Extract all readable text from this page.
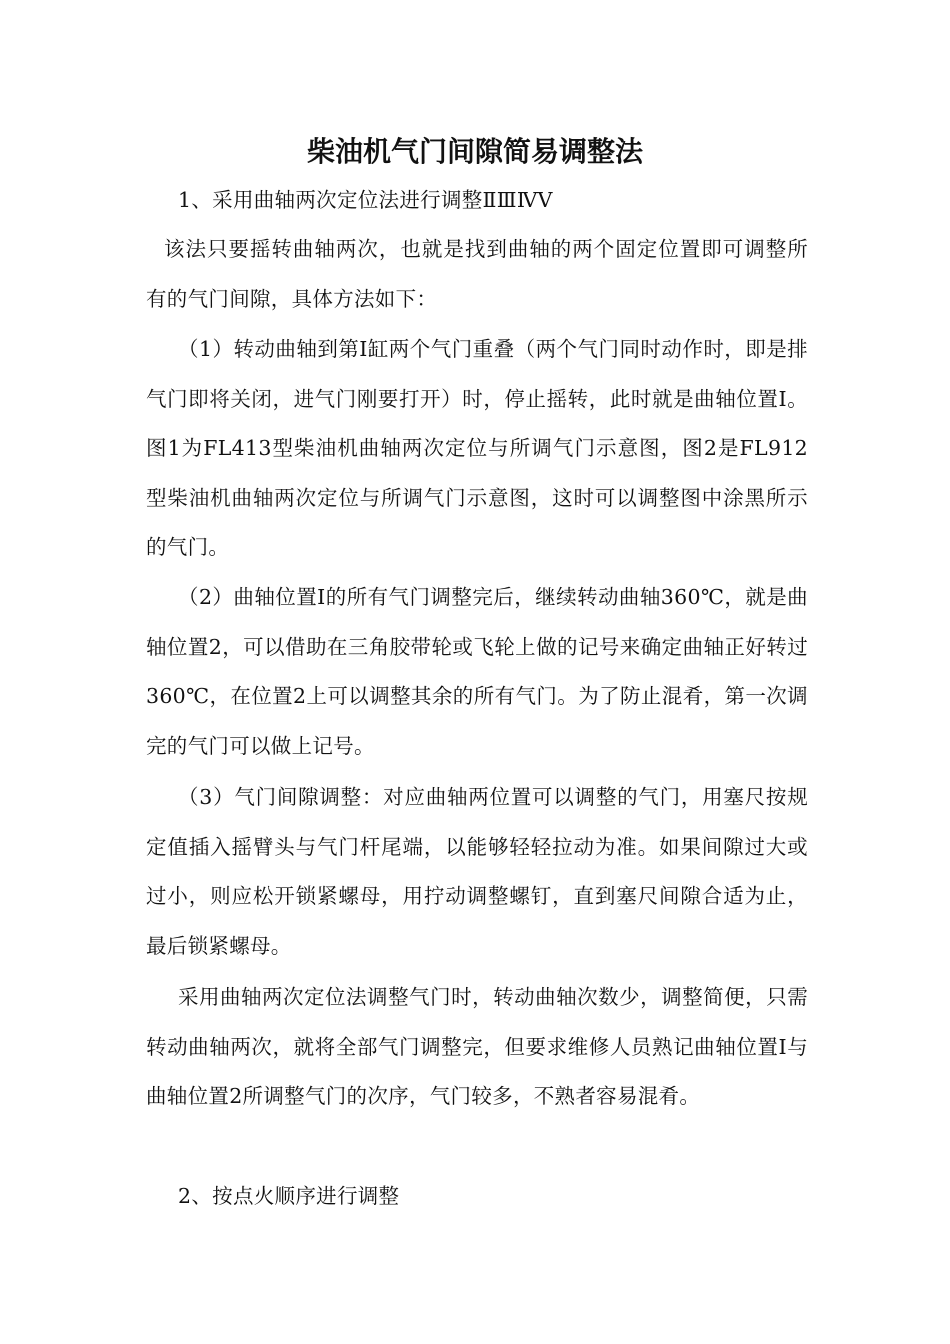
柴油机气门间隙简易调整法

1、采用曲轴两次定位法进行调整ⅡⅢⅣⅤ

该法只要摇转曲轴两次，也就是找到曲轴的两个固定位置即可调整所有的气门间隙，具体方法如下：

（1）转动曲轴到第Ⅰ缸两个气门重叠（两个气门同时动作时，即是排气门即将关闭，进气门刚要打开）时，停止摇转，此时就是曲轴位置Ⅰ。图1为FL413型柴油机曲轴两次定位与所调气门示意图，图2是FL912型柴油机曲轴两次定位与所调气门示意图，这时可以调整图中涂黑所示的气门。

（2）曲轴位置Ⅰ的所有气门调整完后，继续转动曲轴360℃，就是曲轴位置2，可以借助在三角胶带轮或飞轮上做的记号来确定曲轴正好转过360℃，在位置2上可以调整其余的所有气门。为了防止混肴，第一次调完的气门可以做上记号。

（3）气门间隙调整：对应曲轴两位置可以调整的气门，用塞尺按规定值插入摇臂头与气门杆尾端，以能够轻轻拉动为准。如果间隙过大或过小，则应松开锁紧螺母，用拧动调整螺钉，直到塞尺间隙合适为止，最后锁紧螺母。

采用曲轴两次定位法调整气门时，转动曲轴次数少，调整简便，只需转动曲轴两次，就将全部气门调整完，但要求维修人员熟记曲轴位置Ⅰ与曲轴位置2所调整气门的次序，气门较多，不熟者容易混肴。

2、按点火顺序进行调整
